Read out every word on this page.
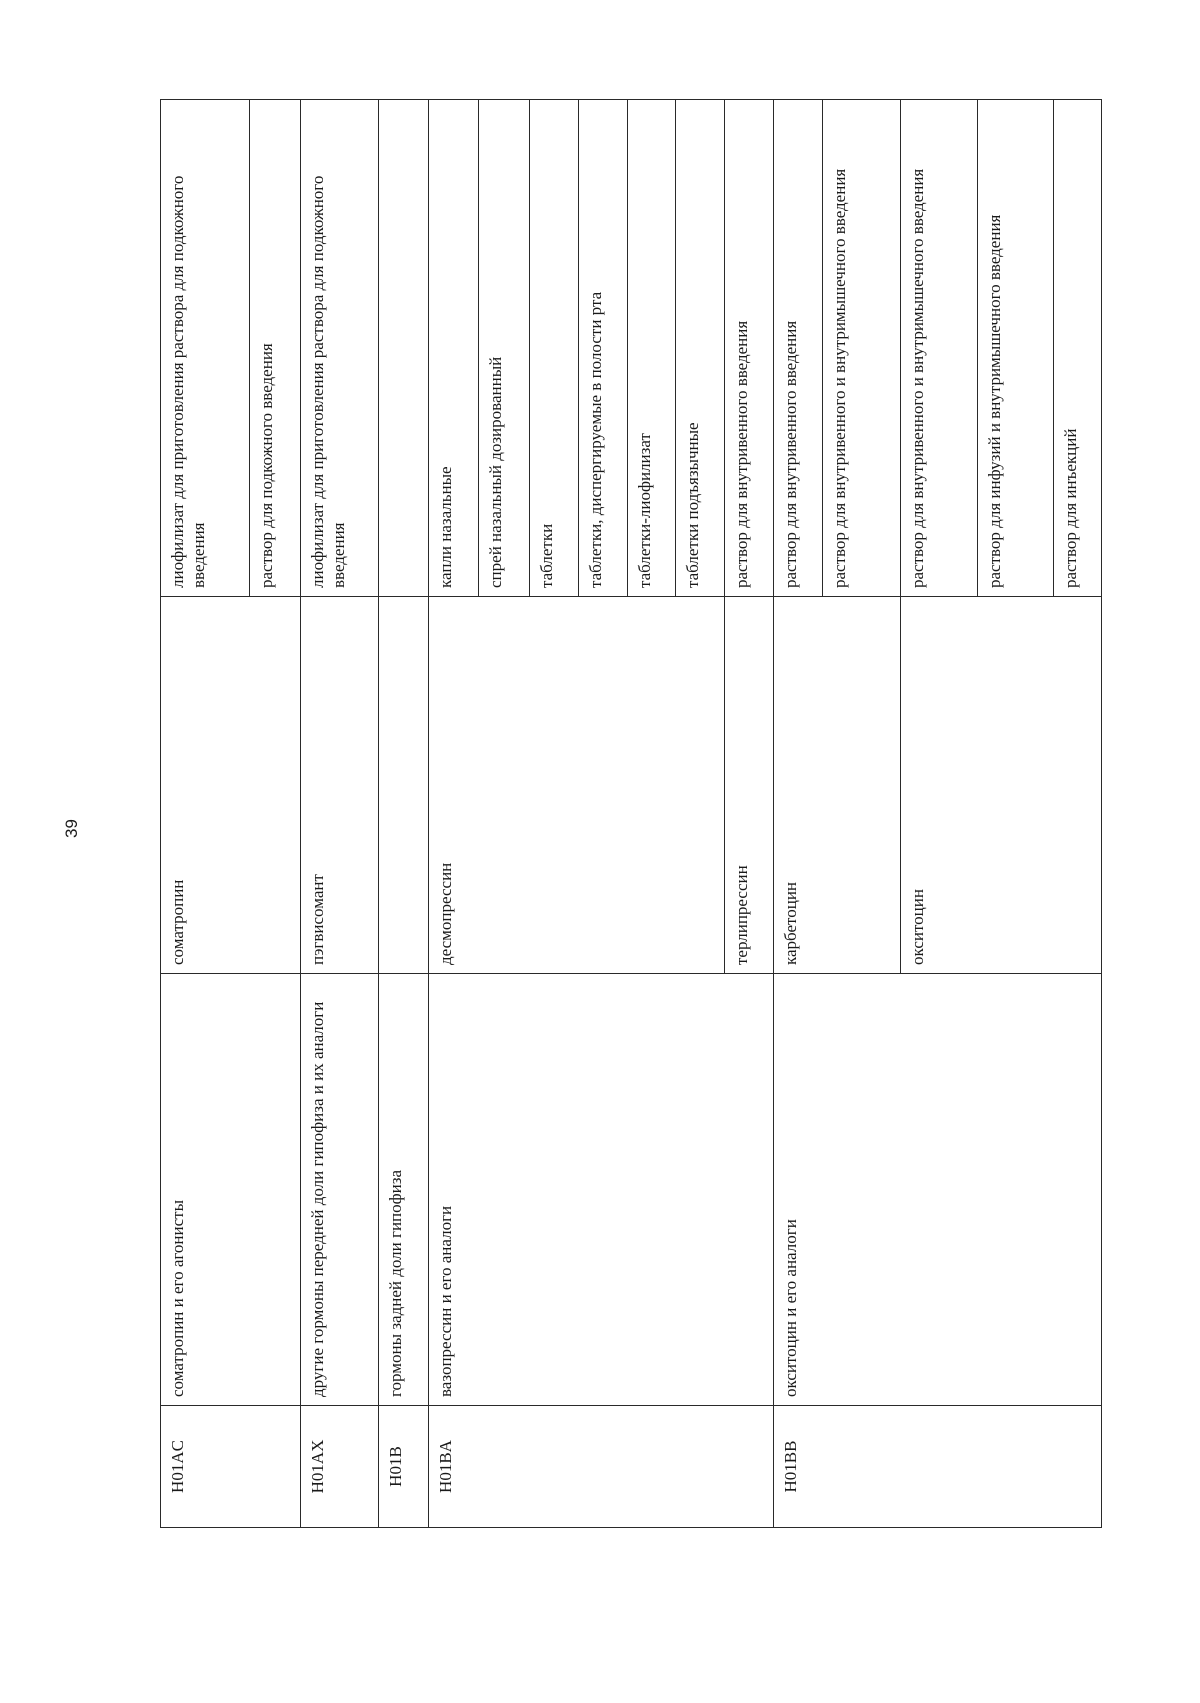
39
H01AC	соматропин и его агонисты	соматропин	лиофилизат для приготовления раствора для подкожного введения
			раствор для подкожного введения
H01AX	другие гормоны передней доли гипофиза и их аналоги	пэгвисомант	лиофилизат для приготовления раствора для подкожного введения
H01B	гормоны задней доли гипофиза		
H01BA	вазопрессин и его аналоги	десмопрессин	капли назальные
			спрей назальный дозированный
			таблетки
			таблетки, диспергируемые в полости рта
			таблетки-лиофилизат
			таблетки подъязычные
		терлипрессин	раствор для внутривенного введения
H01BB	окситоцин и его аналоги	карбетоцин	раствор для внутривенного введения
			раствор для внутривенного и внутримышечного введения
		окситоцин	раствор для внутривенного и внутримышечного введения
			раствор для инфузий и внутримышечного введения
			раствор для инъекций
